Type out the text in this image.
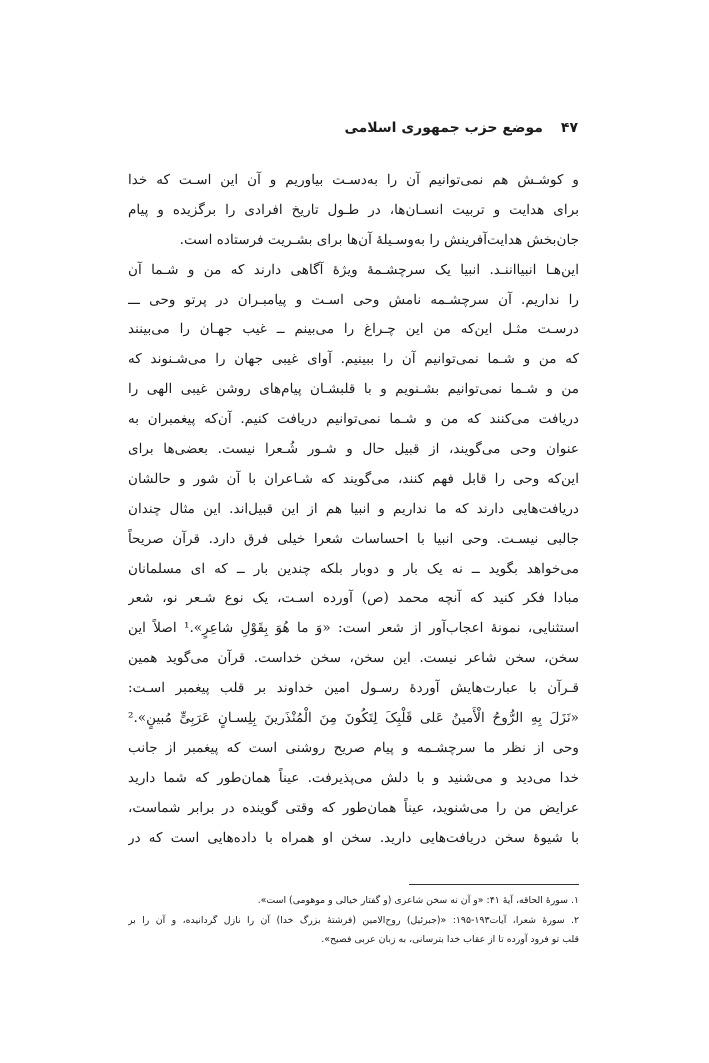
۴۷موضع حزب جمهوری اسلامی
و کوشـش هم نمی‌توانیم آن را به‌دسـت بیاوریم و آن این اسـت که خدا
برای هدایت و تربیت انسـان‌ها، در طـول تاریخ افرادی را برگزیده و پیام
جان‌بخش هدایت‌آفرینش را به‌وسـیلهٔ آن‌ها برای بشـریت فرستاده است.
این‌هـا انبیااننـد. انبیا یک سرچشـمهٔ ویژهٔ آگاهی دارند که من و شـما آن
را نداریم. آن سرچشـمه نامش وحی اسـت و پیامبـران در پرتو وحی ـــ
درسـت مثـل این‌که من این چـراغ را می‌بینم ــ غیب جهـان را می‌بینند
که من و شـما نمی‌توانیم آن را ببینیم. آوای غیبی جهان را می‌شـنوند که
من و شـما نمی‌توانیم بشـنویم و با قلبشـان پیام‌های روشن غیبی الهی را
دریافت می‌کنند که من و شـما نمی‌توانیم دریافت کنیم. آن‌که پیغمبران به
عنوان وحی می‌گویند، از قبیل حال و شـور شُـعرا نیست. بعضی‌ها برای
این‌که وحی را قابل فهم کنند، می‌گویند که شـاعران با آن شور و حالشان
دریافت‌هایی دارند که ما نداریم و انبیا هم از این قبیل‌اند. این مثال چندان
جالبی نیسـت. وحی انبیا با احساسات شعرا خیلی فرق دارد. قرآن صریحاً
می‌خواهد بگوید ــ نه یک بار و دوبار بلکه چندین بار ــ که ای مسلمانان
مبادا فکر کنید که آنچه محمد (ص) آورده اسـت، یک نوع شـعر نو، شعر
استثنایی، نمونهٔ اعجاب‌آور از شعر است: «وَ ما هُوَ بِقَوْلِ شاعِرٍ».¹ اصلاً این
سخن، سخن شاعر نیست. این سخن، سخن خداست. قرآن می‌گوید همین
قـرآن با عبارت‌هایش آوردهٔ رسـول امین خداوند بر قلب پیغمبر اسـت:
«نَزَلَ بِهِ الرُّوحُ الْأَمینُ عَلى قَلْبِکَ لِتَکُونَ مِنَ الْمُنْذَرینَ بِلِسـانٍ عَرَبِیٍّ مُبینٍ».²
وحی از نظر ما سرچشـمه و پیام صریح روشنی است که پیغمبر از جانب
خدا می‌دید و می‌شنید و با دلش می‌پذیرفت. عیناً همان‌طور که شما دارید
عرایض من را می‌شنوید، عیناً همان‌طور که وقتی گوینده در برابر شماست،
با شیوهٔ سخن دریافت‌هایی دارید. سخن او همراه با داده‌هایی است که در
۱. سورهٔ الحاقه، آیهٔ ۴۱: «و آن نه سخن شاعری (و گفتار خیالی و موهومی) است».
۲. سورهٔ شعرا، آیات۱۹۳-۱۹۵: «(جبرئیل) روح‌الامین (فرشتهٔ بزرگ خدا) آن را نازل گردانیده، و آن را بر
قلب تو فرود آورده تا از عقاب خدا بترسانی، به زبان عربی فصیح».
